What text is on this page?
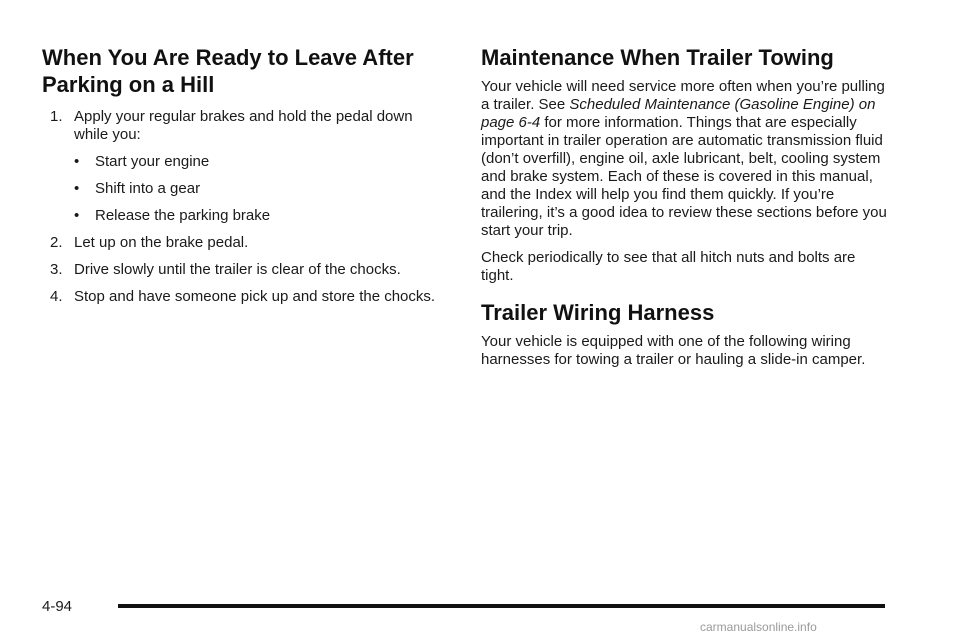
When You Are Ready to Leave After Parking on a Hill
1. Apply your regular brakes and hold the pedal down while you:
• Start your engine
• Shift into a gear
• Release the parking brake
2. Let up on the brake pedal.
3. Drive slowly until the trailer is clear of the chocks.
4. Stop and have someone pick up and store the chocks.
Maintenance When Trailer Towing

Your vehicle will need service more often when you’re pulling a trailer. See Scheduled Maintenance (Gasoline Engine) on page 6-4 for more information. Things that are especially important in trailer operation are automatic transmission fluid (don’t overfill), engine oil, axle lubricant, belt, cooling system and brake system. Each of these is covered in this manual, and the Index will help you find them quickly. If you’re trailering, it’s a good idea to review these sections before you start your trip.

Check periodically to see that all hitch nuts and bolts are tight.

Trailer Wiring Harness

Your vehicle is equipped with one of the following wiring harnesses for towing a trailer or hauling a slide-in camper.

4-94
carmanualsonline.info
